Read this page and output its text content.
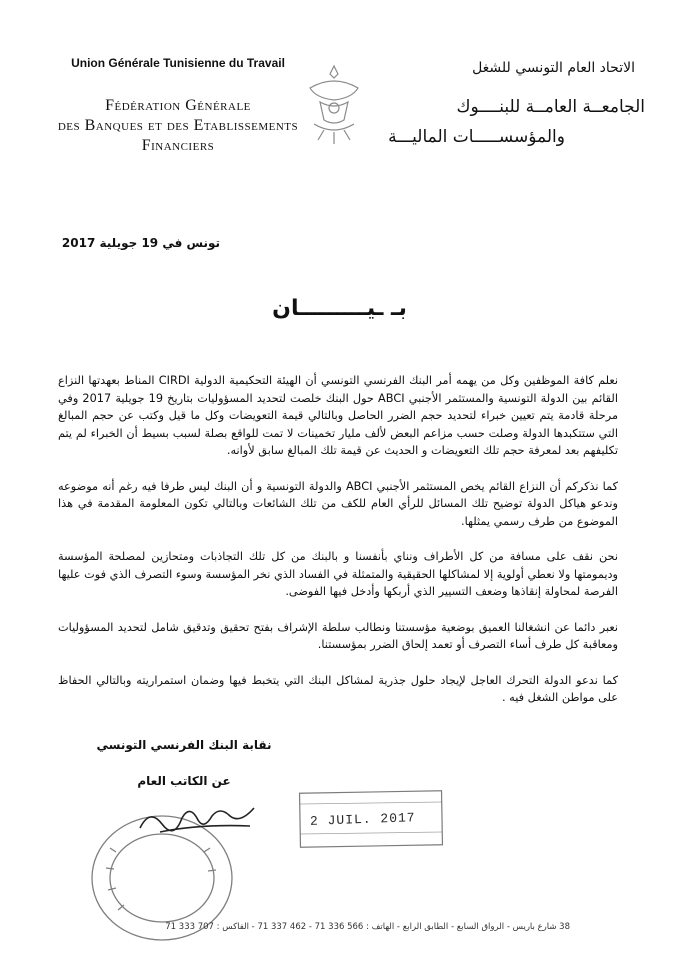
Union Générale Tunisienne du Travail
Fédération Générale
des Banques et des Etablissements
Financiers
الاتحاد العام التونسي للشغل
الجامعــة العامــة للبنــــوك
والمؤسســـــات الماليـــة
تونس في 19 جويلية 2017
بـ ـيـــــــــان

نعلم كافة الموظفين وكل من يهمه أمر البنك الفرنسي التونسي أن الهيئة التحكيمية الدولية CIRDI المناط بعهدتها النزاع القائم بين الدولة التونسية والمستثمر الأجنبي ABCI حول البنك خلصت لتحديد المسؤوليات بتاريخ 19 جويلية 2017 وفي مرحلة قادمة يتم تعيين خبراء لتحديد حجم الضرر الحاصل وبالتالي قيمة التعويضات وكل ما قيل وكتب عن حجم المبالغ التي ستتكبدها الدولة وصلت حسب مزاعم البعض لألف مليار تخمينات لا تمت للواقع بصلة لسبب بسيط أن الخبراء لم يتم تكليفهم بعد لمعرفة حجم تلك التعويضات و الحديث عن قيمة تلك المبالغ سابق لأوانه.

كما نذكركم أن النزاع القائم يخص المستثمر الأجنبي ABCI والدولة التونسية و أن البنك ليس طرفا فيه رغم أنه موضوعه وندعو هياكل الدولة توضيح تلك المسائل للرأي العام للكف من تلك الشائعات وبالتالي تكون المعلومة المقدمة في هذا الموضوع من طرف رسمي يمثلها.

نحن نقف على مسافة من كل الأطراف ونناي بأنفسنا و بالبنك من كل تلك التجاذبات ومتحازين لمصلحة المؤسسة وديمومتها ولا نعطي أولوية إلا لمشاكلها الحقيقية والمتمثلة في الفساد الذي نخر المؤسسة وسوء التصرف الذي فوت عليها الفرصة لمحاولة إنقاذها وضعف التسيير الذي أربكها وأدخل فيها الفوضى.

نعبر دائما عن انشغالنا العميق بوضعية مؤسستنا ونطالب سلطة الإشراف بفتح تحقيق وتدقيق شامل لتحديد المسؤوليات ومعاقبة كل طرف أساء التصرف أو تعمد إلحاق الضرر بمؤسستنا.

كما ندعو الدولة التحرك العاجل لإيجاد حلول جذرية لمشاكل البنك التي يتخبط فيها وضمان استمراريته وبالتالي الحفاظ على مواطن الشغل فيه .

نقابة البنك الفرنسي التونسي
عن الكاتب العام
2 JUIL. 2017
38 شارع باريس - الرواق السابع - الطابق الرابع - الهاتف : 566 336 71 - 462 337 71 - الفاكس : 707 333 71
